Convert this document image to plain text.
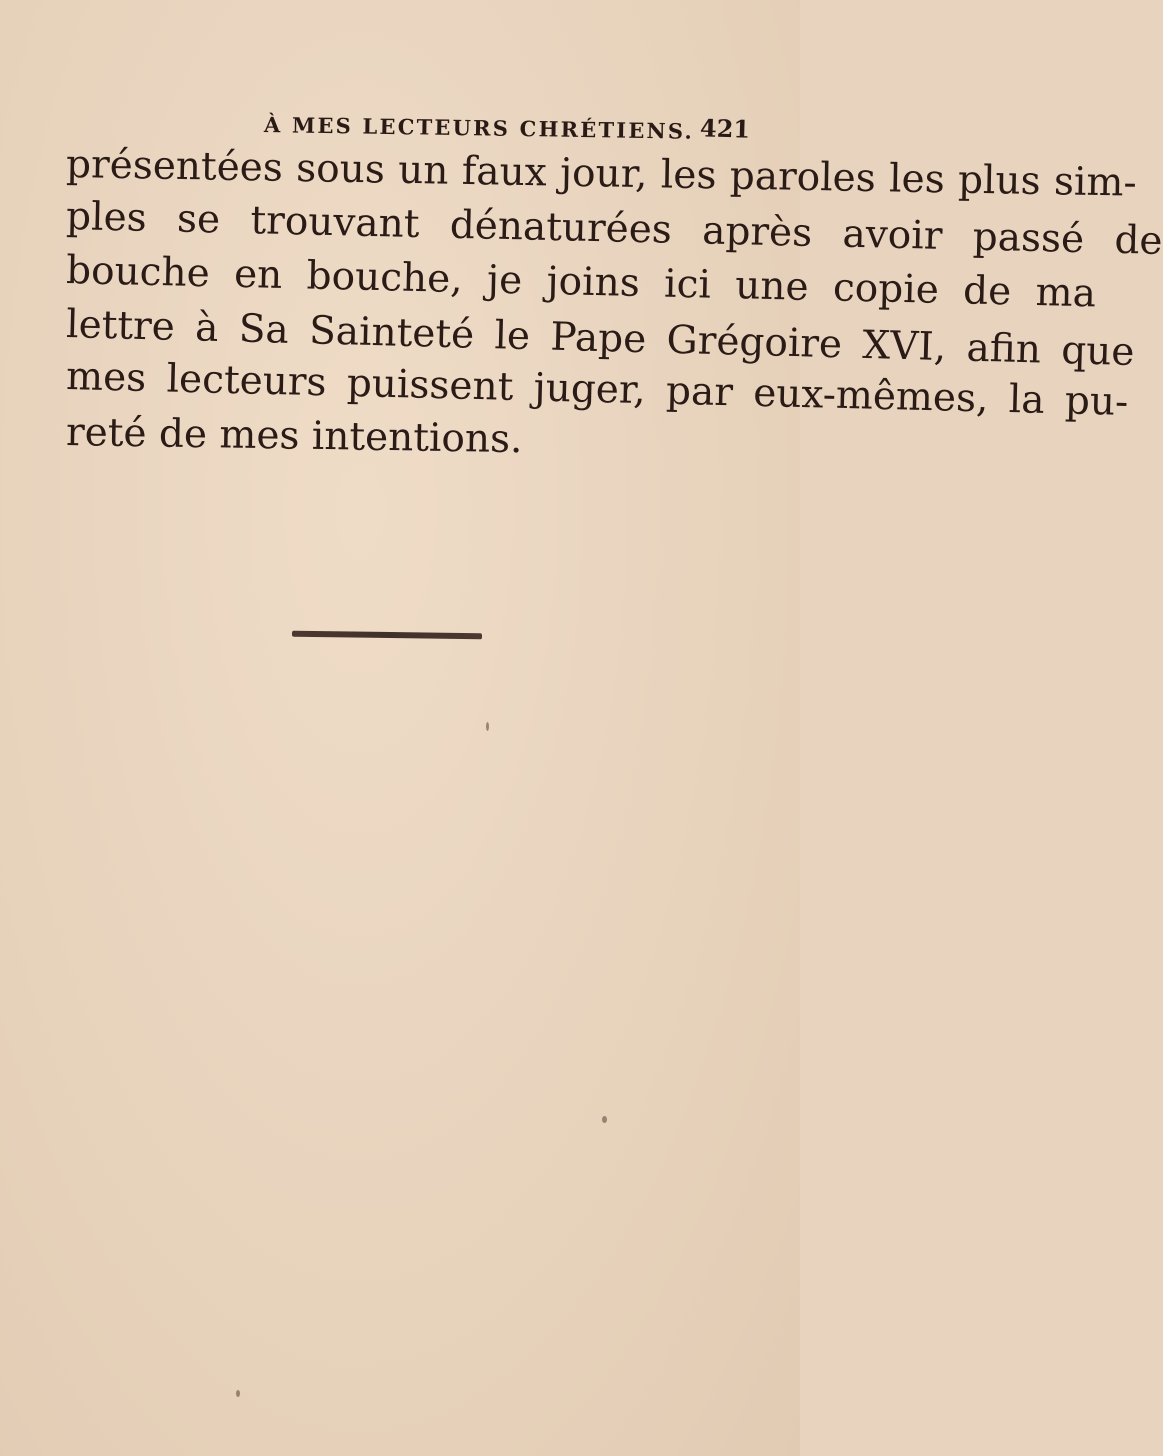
À MES LECTEURS CHRÉTIENS. 421
présentées sous un faux jour, les paroles les plus sim-
ples se trouvant dénaturées après avoir passé de
bouche en bouche, je joins ici une copie de ma
lettre à Sa Sainteté le Pape Grégoire XVI, afin que
mes lecteurs puissent juger, par eux-mêmes, la pu-
reté de mes intentions.
